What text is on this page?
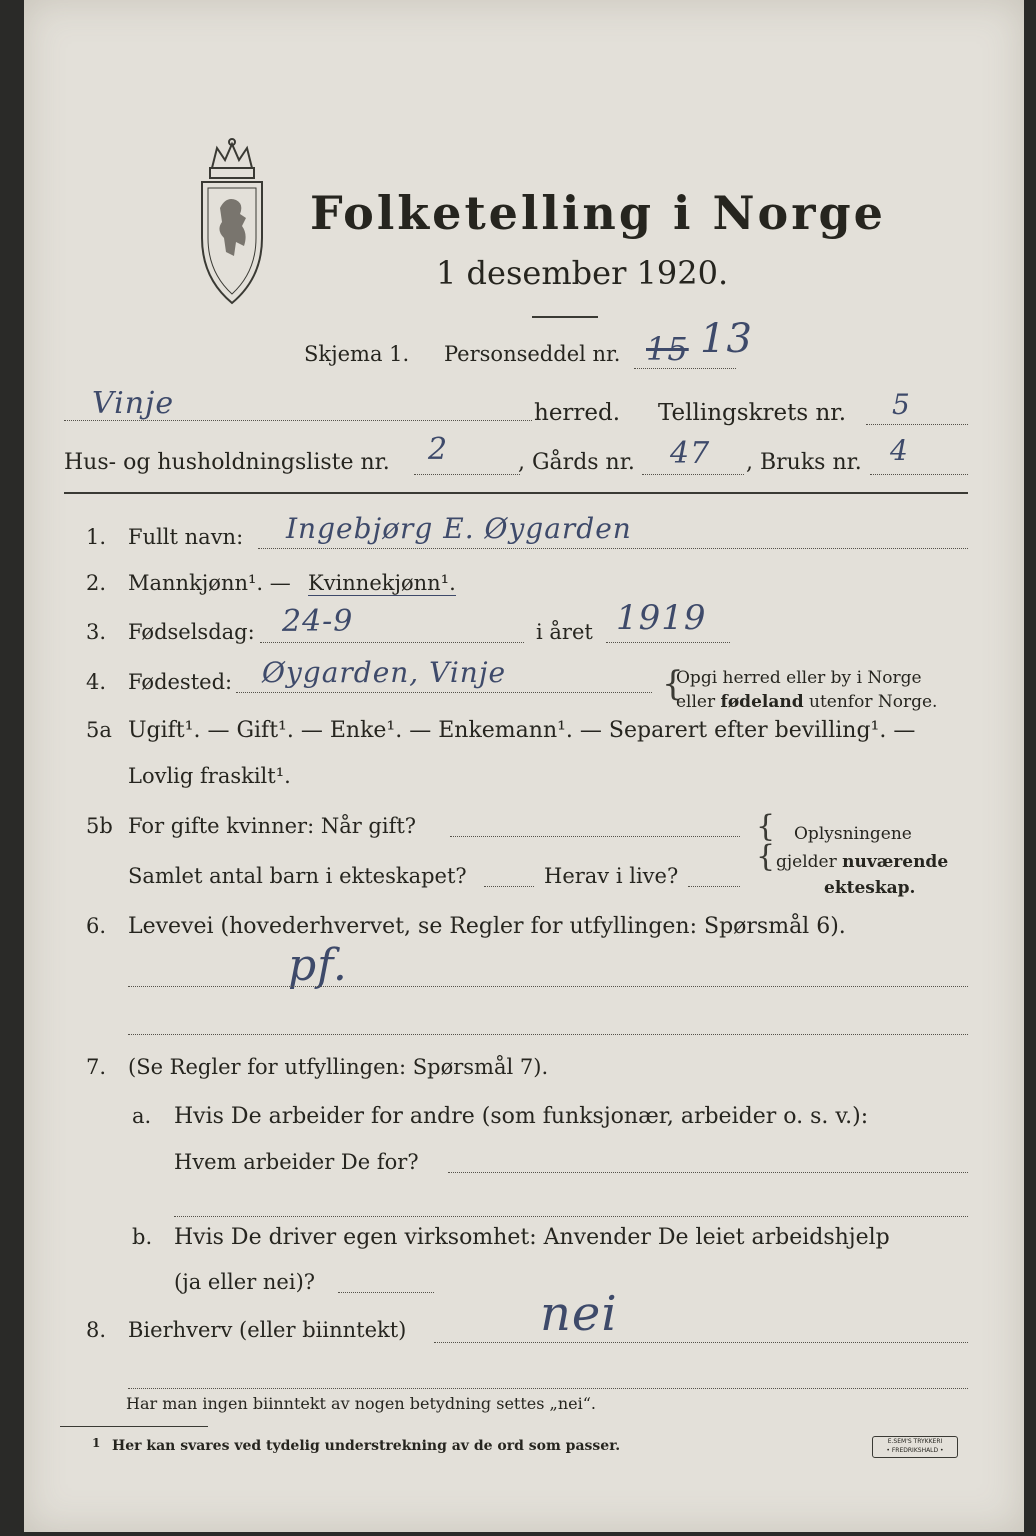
Folketelling i Norge
1 desember 1920.
Skjema 1. Personseddel nr. 15 13
Vinje	herred. Tellingskrets nr. 5
Hus- og husholdningsliste nr. 2	, Gårds nr. 47 , Bruks nr. 4
1. Fullt navn: Ingebjørg E. Øygarden
2. Mannkjønn¹. — Kvinnekjønn¹.
3. Fødselsdag: 24-9	i året 1919
4. Fødested: Øygarden, Vinje	{
Opgi herred eller by i Norge
eller fødeland utenfor Norge.
5a Ugift¹. — Gift¹. — Enke¹. — Enkemann¹. — Separert efter bevilling¹. —
Lovlig fraskilt¹.
5b For gifte kvinner: Når gift?
Samlet antal barn i ekteskapet?	Herav i live?
{
{
Oplysningene
gjelder nuværende
ekteskap.
6. Levevei (hovederhvervet, se Regler for utfyllingen: Spørsmål 6).
pf.
7. (Se Regler for utfyllingen: Spørsmål 7).
a. Hvis De arbeider for andre (som funksjonær, arbeider o. s. v.):
Hvem arbeider De for?
b. Hvis De driver egen virksomhet: Anvender De leiet arbeidshjelp
(ja eller nei)?
8. Bierhverv (eller biinntekt)	nei
Har man ingen biinntekt av nogen betydning settes „nei“.
1 Her kan svares ved tydelig understrekning av de ord som passer.	E.SEM'S TRYKKERI
• FREDRIKSHALD •
